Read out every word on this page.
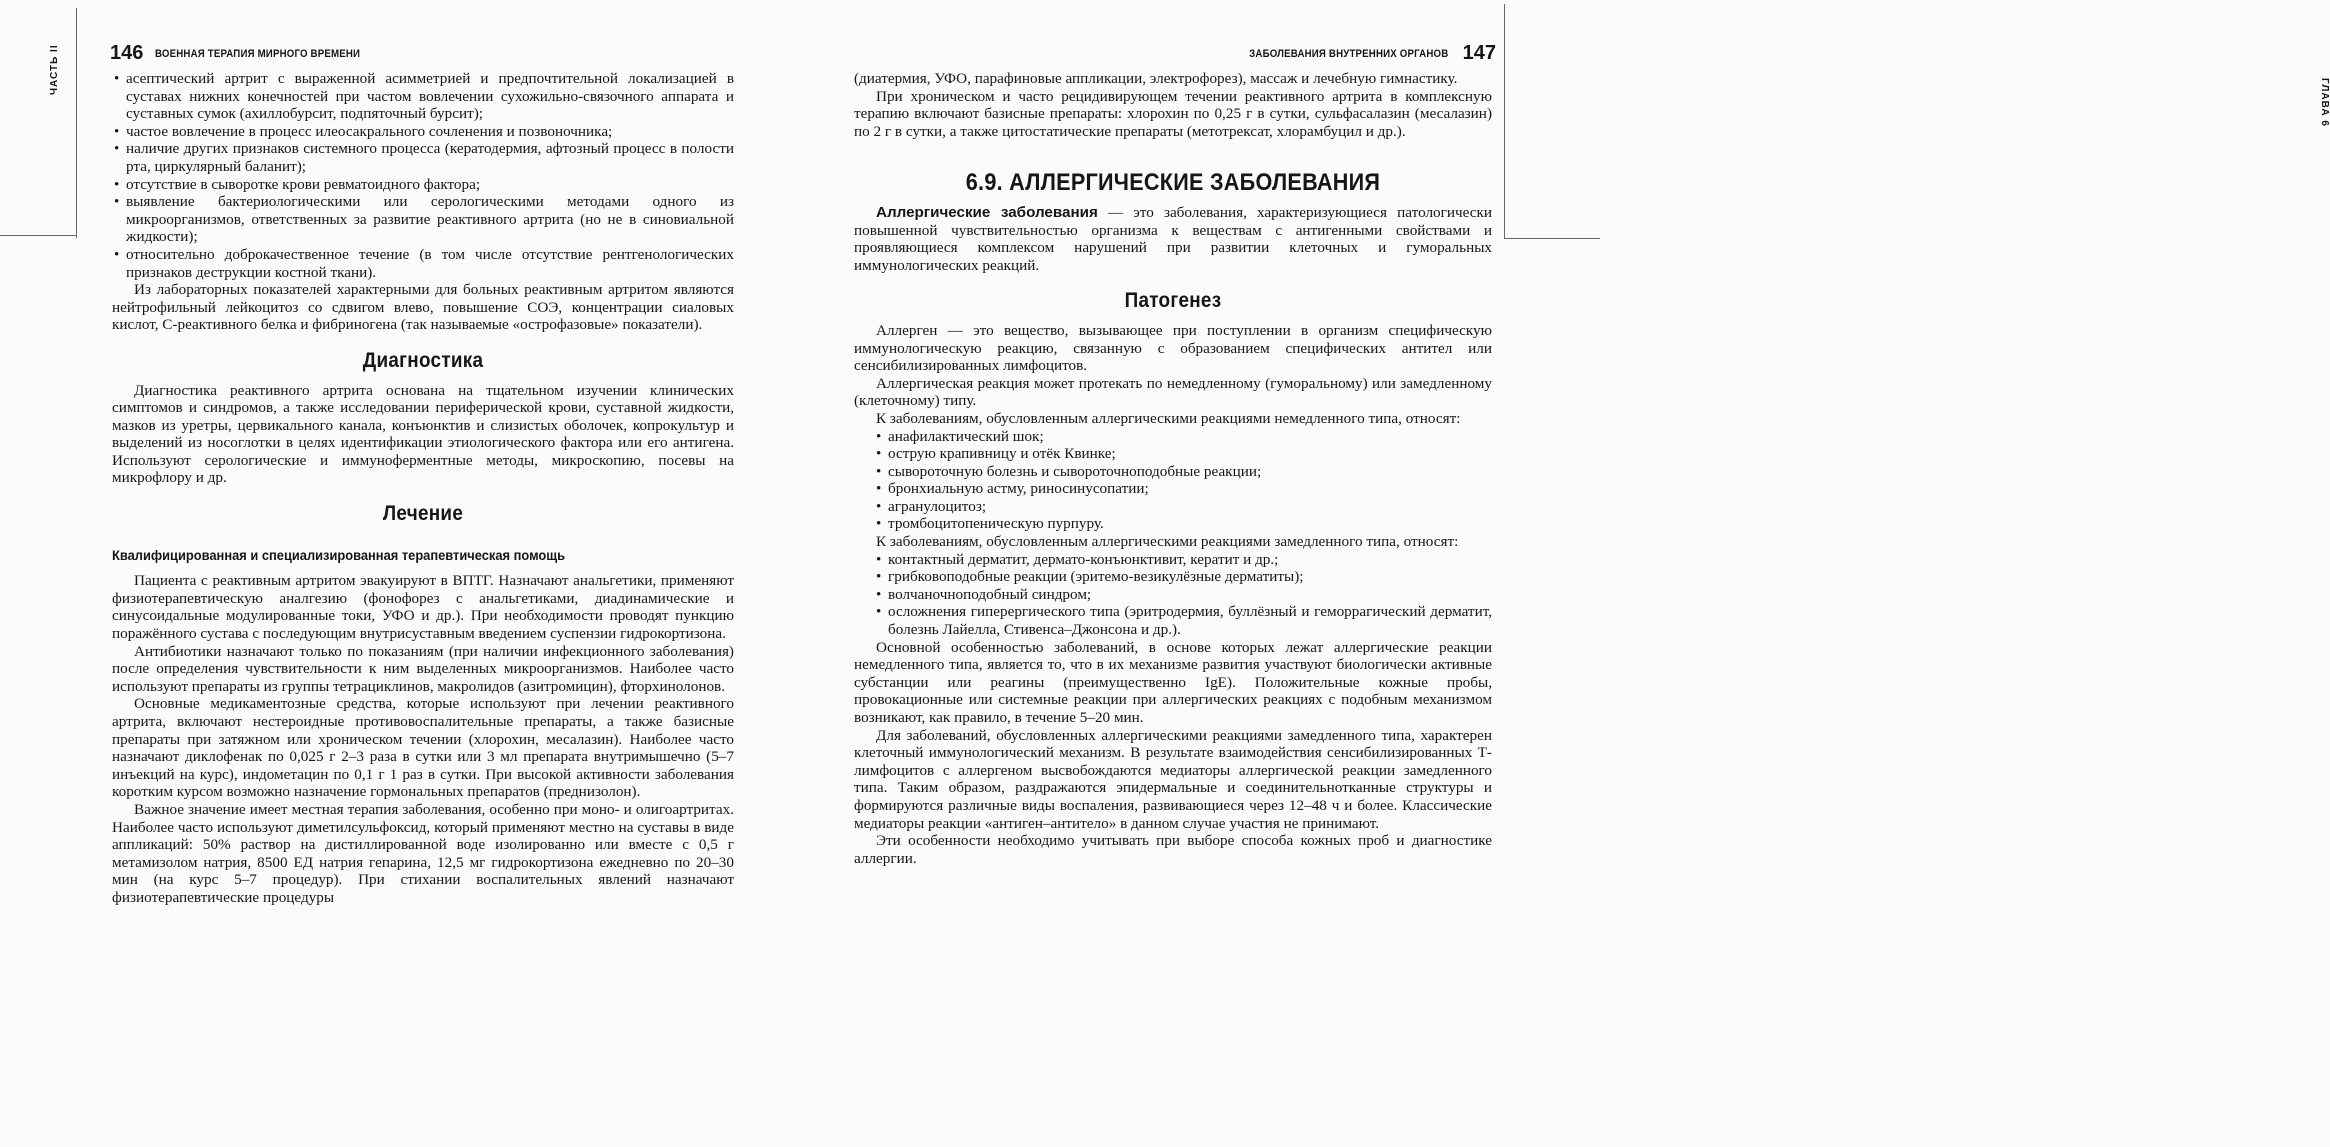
ЧАСТЬ II	146 ВОЕННАЯ ТЕРАПИЯ МИРНОГО ВРЕМЕНИ
• асептический артрит с выраженной асимметрией и предпочтительной локализацией в суставах нижних конечностей при частом вовлечении сухожильно-связочного аппарата и суставных сумок (ахиллобурсит, подпяточный бурсит);
• частое вовлечение в процесс илеосакрального сочленения и позвоночника;
• наличие других признаков системного процесса (кератодермия, афтозный процесс в полости рта, циркулярный баланит);
• отсутствие в сыворотке крови ревматоидного фактора;
• выявление бактериологическими или серологическими методами одного из микроорганизмов, ответственных за развитие реактивного артрита (но не в синовиальной жидкости);
• относительно доброкачественное течение (в том числе отсутствие рентгенологических признаков деструкции костной ткани).

Из лабораторных показателей характерными для больных реактивным артритом являются нейтрофильный лейкоцитоз со сдвигом влево, повышение СОЭ, концентрации сиаловых кислот, С-реактивного белка и фибриногена (так называемые «острофазовые» показатели).

Диагностика

Диагностика реактивного артрита основана на тщательном изучении клинических симптомов и синдромов, а также исследовании периферической крови, суставной жидкости, мазков из уретры, цервикального канала, конъюнктив и слизистых оболочек, копрокультур и выделений из носоглотки в целях идентификации этиологического фактора или его антигена. Используют серологические и иммуноферментные методы, микроскопию, посевы на микрофлору и др.

Лечение
Квалифицированная и специализированная терапевтическая помощь

Пациента с реактивным артритом эвакуируют в ВПТГ. Назначают анальгетики, применяют физиотерапевтическую аналгезию (фонофорез с анальгетиками, диадинамические и синусоидальные модулированные токи, УФО и др.). При необходимости проводят пункцию поражённого сустава с последующим внутрисуставным введением суспензии гидрокортизона.

Антибиотики назначают только по показаниям (при наличии инфекционного заболевания) после определения чувствительности к ним выделенных микроорганизмов. Наиболее часто используют препараты из группы тетрациклинов, макролидов (азитромицин), фторхинолонов.

Основные медикаментозные средства, которые используют при лечении реактивного артрита, включают нестероидные противовоспалительные препараты, а также базисные препараты при затяжном или хроническом течении (хлорохин, месалазин). Наиболее часто назначают диклофенак по 0,025 г 2–3 раза в сутки или 3 мл препарата внутримышечно (5–7 инъекций на курс), индометацин по 0,1 г 1 раз в сутки. При высокой активности заболевания коротким курсом возможно назначение гормональных препаратов (преднизолон).

Важное значение имеет местная терапия заболевания, особенно при моно- и олигоартритах. Наиболее часто используют диметилсульфоксид, который применяют местно на суставы в виде аппликаций: 50% раствор на дистиллированной воде изолированно или вместе с 0,5 г метамизолом натрия, 8500 ЕД натрия гепарина, 12,5 мг гидрокортизона ежедневно по 20–30 мин (на курс 5–7 процедур). При стихании воспалительных явлений назначают физиотерапевтические процедуры

ГЛАВА 6
ЗАБОЛЕВАНИЯ ВНУТРЕННИХ ОРГАНОВ 147

(диатермия, УФО, парафиновые аппликации, электрофорез), массаж и лечебную гимнастику.

При хроническом и часто рецидивирующем течении реактивного артрита в комплексную терапию включают базисные препараты: хлорохин по 0,25 г в сутки, сульфасалазин (месалазин) по 2 г в сутки, а также цитостатические препараты (метотрексат, хлорамбуцил и др.).

6.9. АЛЛЕРГИЧЕСКИЕ ЗАБОЛЕВАНИЯ

Аллергические заболевания — это заболевания, характеризующиеся патологически повышенной чувствительностью организма к веществам с антигенными свойствами и проявляющиеся комплексом нарушений при развитии клеточных и гуморальных иммунологических реакций.

Патогенез

Аллерген — это вещество, вызывающее при поступлении в организм специфическую иммунологическую реакцию, связанную с образованием специфических антител или сенсибилизированных лимфоцитов.

Аллергическая реакция может протекать по немедленному (гуморальному) или замедленному (клеточному) типу.

К заболеваниям, обусловленным аллергическими реакциями немедленного типа, относят:

• анафилактический шок;
• острую крапивницу и отёк Квинке;
• сывороточную болезнь и сывороточноподобные реакции;
• бронхиальную астму, риносинусопатии;
• агранулоцитоз;
• тромбоцитопеническую пурпуру.

К заболеваниям, обусловленным аллергическими реакциями замедленного типа, относят:

• контактный дерматит, дермато-конъюнктивит, кератит и др.;
• грибковоподобные реакции (эритемо-везикулёзные дерматиты);
• волчаночноподобный синдром;
• осложнения гиперергического типа (эритродермия, буллёзный и геморрагический дерматит, болезнь Лайелла, Стивенса–Джонсона и др.).

Основной особенностью заболеваний, в основе которых лежат аллергические реакции немедленного типа, является то, что в их механизме развития участвуют биологически активные субстанции или реагины (преимущественно IgE). Положительные кожные пробы, провокационные или системные реакции при аллергических реакциях с подобным механизмом возникают, как правило, в течение 5–20 мин.

Для заболеваний, обусловленных аллергическими реакциями замедленного типа, характерен клеточный иммунологический механизм. В результате взаимодействия сенсибилизированных Т-лимфоцитов с аллергеном высвобождаются медиаторы аллергической реакции замедленного типа. Таким образом, раздражаются эпидермальные и соединительнотканные структуры и формируются различные виды воспаления, развивающиеся через 12–48 ч и более. Классические медиаторы реакции «антиген–антитело» в данном случае участия не принимают.

Эти особенности необходимо учитывать при выборе способа кожных проб и диагностике аллергии.
